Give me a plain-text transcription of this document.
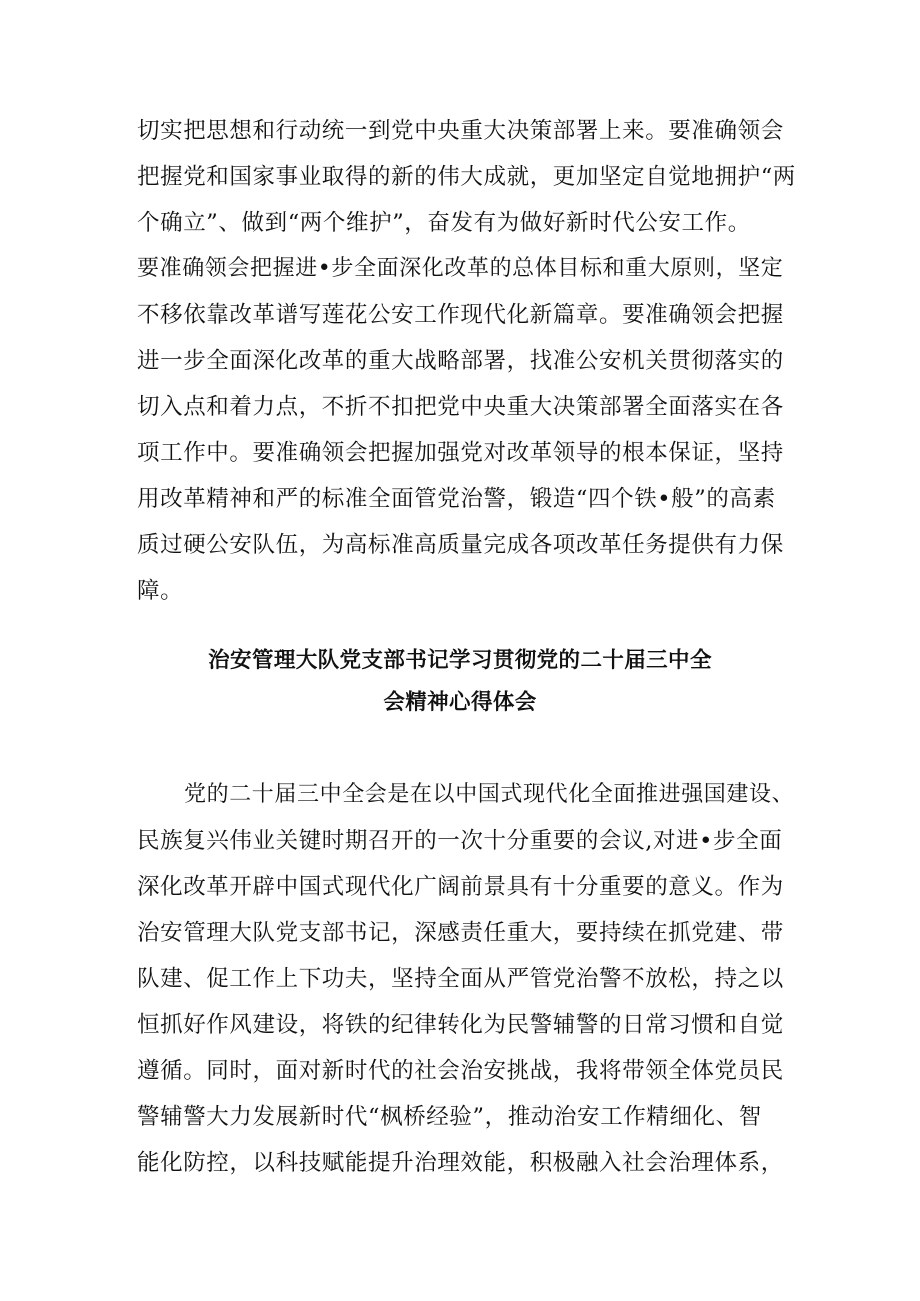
切实把思想和行动统一到党中央重大决策部署上来。要准确领会
把握党和国家事业取得的新的伟大成就，更加坚定自觉地拥护“两
个确立”、做到“两个维护”，奋发有为做好新时代公安工作。
要准确领会把握进•步全面深化改革的总体目标和重大原则，坚定
不移依靠改革谱写莲花公安工作现代化新篇章。要准确领会把握
进一步全面深化改革的重大战略部署，找准公安机关贯彻落实的
切入点和着力点，不折不扣把党中央重大决策部署全面落实在各
项工作中。要准确领会把握加强党对改革领导的根本保证，坚持
用改革精神和严的标准全面管党治警，锻造“四个铁•般”的高素
质过硬公安队伍，为高标准高质量完成各项改革任务提供有力保
障。
治安管理大队党支部书记学习贯彻党的二十届三中全
会精神心得体会
党的二十届三中全会是在以中国式现代化全面推进强国建设、
民族复兴伟业关键时期召开的一次十分重要的会议,对进•步全面
深化改革开辟中国式现代化广阔前景具有十分重要的意义。作为
治安管理大队党支部书记，深感责任重大，要持续在抓党建、带
队建、促工作上下功夫，坚持全面从严管党治警不放松，持之以
恒抓好作风建设，将铁的纪律转化为民警辅警的日常习惯和自觉
遵循。同时，面对新时代的社会治安挑战，我将带领全体党员民
警辅警大力发展新时代“枫桥经验”，推动治安工作精细化、智
能化防控，以科技赋能提升治理效能，积极融入社会治理体系，
